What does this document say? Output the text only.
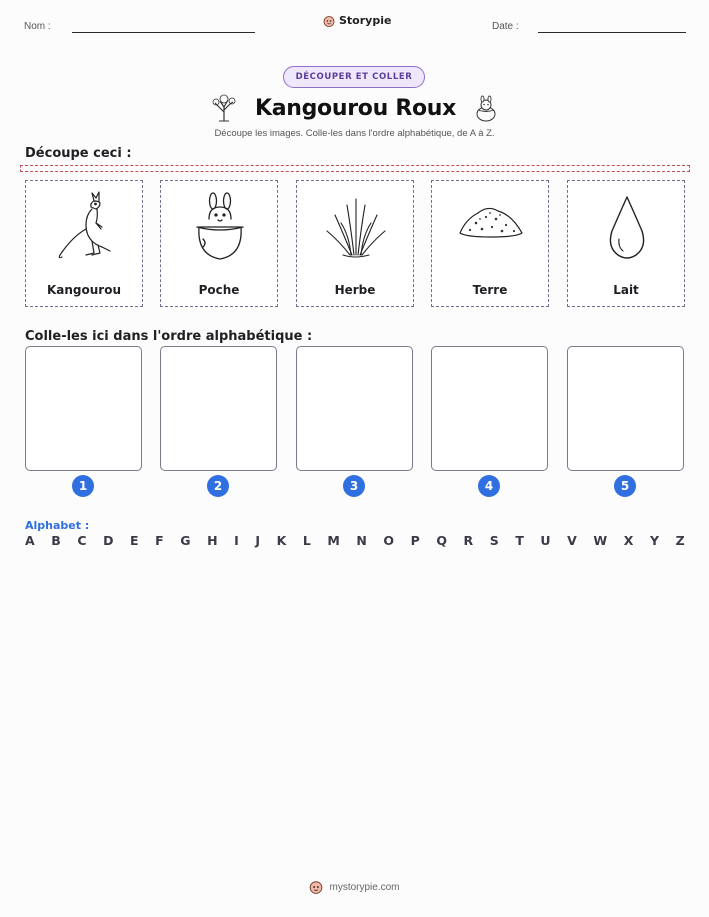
Nom :	Storypie	Date :
DÉCOUPER ET COLLER
Kangourou Roux
Découpe les images. Colle-les dans l'ordre alphabétique, de A à Z.
Découpe ceci :
Kangourou	Poche	Herbe	Terre	Lait
Colle-les ici dans l'ordre alphabétique :
1	2	3	4	5
Alphabet :
A B C D E F G H I J K L M N O P Q R S T U V W X Y Z
mystorypie.com
